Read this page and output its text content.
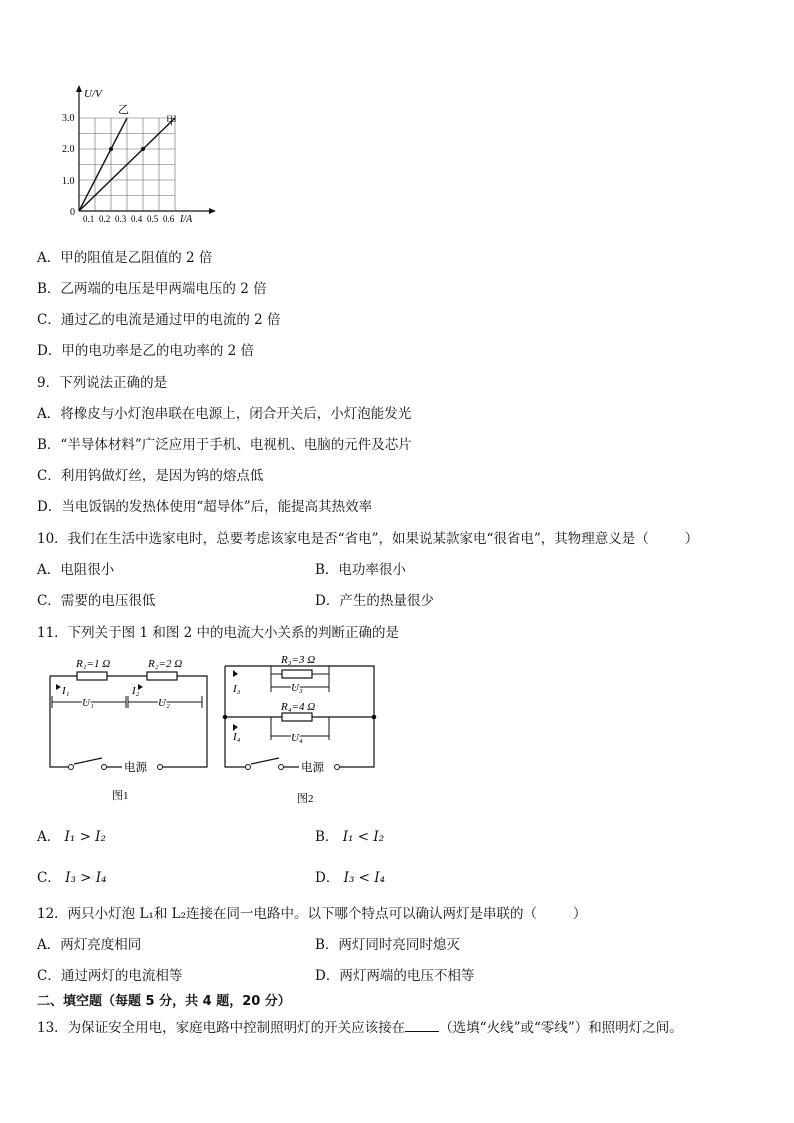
U/V
I/A
3.0
2.0
1.0
0
0.1 0.2 0.3 0.4 0.5 0.6
乙
甲
A．甲的阻值是乙阻值的 2 倍
B．乙两端的电压是甲两端电压的 2 倍
C．通过乙的电流是通过甲的电流的 2 倍
D．甲的电功率是乙的电功率的 2 倍
9．下列说法正确的是
A．将橡皮与小灯泡串联在电源上，闭合开关后，小灯泡能发光
B．“半导体材料”广泛应用于手机、电视机、电脑的元件及芯片
C．利用钨做灯丝，是因为钨的熔点低
D．当电饭锅的发热体使用“超导体”后，能提高其热效率
10．我们在生活中选家电时，总要考虑该家电是否“省电”，如果说某款家电“很省电”，其物理意义是（	）
A．电阻很小	B．电功率很小
C．需要的电压很低	D．产生的热量很少
11．下列关于图 1 和图 2 中的电流大小关系的判断正确的是
R₁=1 Ω	R₂=2 Ω
I₁	I₂
U₁	U₂
电源
图1
R₃=3 Ω
R₄=4 Ω
I₃
I₄
U₃
U₄
电源
图2
A． I₁ > I₂	B． I₁ < I₂
C． I₃ > I₄	D． I₃ < I₄
12．两只小灯泡 L₁和 L₂连接在同一电路中。以下哪个特点可以确认两灯是串联的（	）
A．两灯亮度相同	B．两灯同时亮同时熄灭
C．通过两灯的电流相等	D．两灯两端的电压不相等
二、填空题（每题 5 分，共 4 题，20 分）
13．为保证安全用电，家庭电路中控制照明灯的开关应该接在	（选填“火线”或“零线”）和照明灯之间。
